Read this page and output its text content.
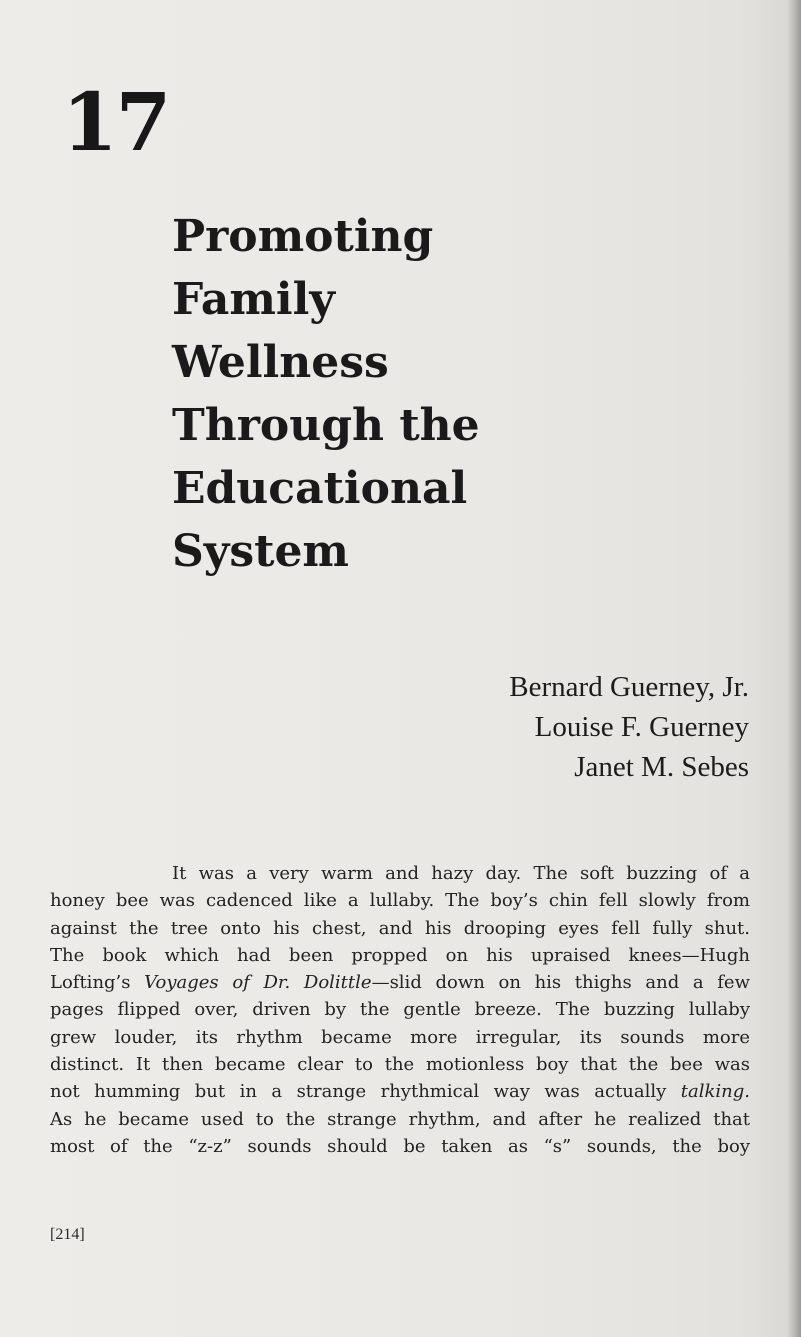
17
Promoting
Family
Wellness
Through the
Educational
System
Bernard Guerney, Jr.
Louise F. Guerney
Janet M. Sebes
It was a very warm and hazy day. The soft buzzing of a
honey bee was cadenced like a lullaby. The boy’s chin fell slowly from
against the tree onto his chest, and his drooping eyes fell fully shut.
The book which had been propped on his upraised knees—Hugh
Lofting’s Voyages of Dr. Dolittle—slid down on his thighs and a few
pages flipped over, driven by the gentle breeze. The buzzing lullaby
grew louder, its rhythm became more irregular, its sounds more
distinct. It then became clear to the motionless boy that the bee was
not humming but in a strange rhythmical way was actually talking.
As he became used to the strange rhythm, and after he realized that
most of the “z-z” sounds should be taken as “s” sounds, the boy

[214]
